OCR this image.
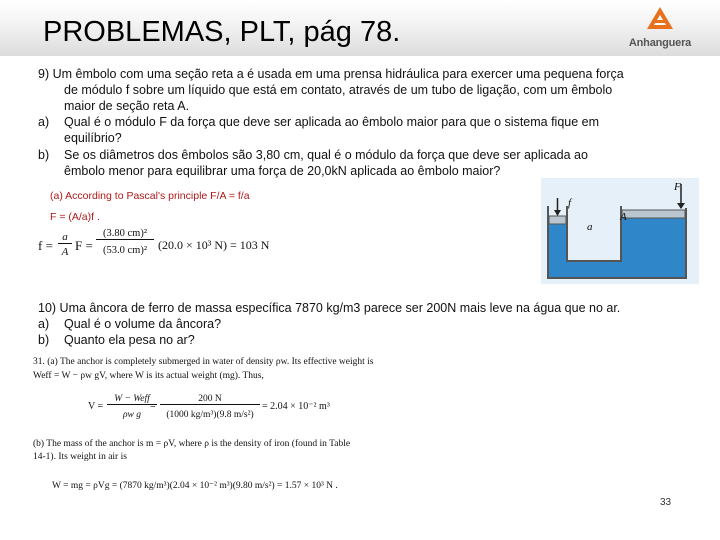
PROBLEMAS, PLT, pág 78.	Anhanguera
9) Um êmbolo com uma seção reta a é usada em uma prensa hidráulica para exercer uma pequena força
de módulo f sobre um líquido que está em contato, através de um tubo de ligação, com um êmbolo
maior de seção reta A.
a) Qual é o módulo F da força que deve ser aplicada ao êmbolo maior para que o sistema fique em
equilíbrio?
b) Se os diâmetros dos êmbolos são 3,80 cm, qual é o módulo da força que deve ser aplicada ao
êmbolo menor para equilibrar uma força de 20,0kN aplicada ao êmbolo maior?
(a) According to Pascal's principle F/A = f/a
F = (A/a)f .
f =
a
A F =
(3.80 cm)²
(53.0 cm)² (20.0 × 10³ N) = 103 N
f
F
a
A
10) Uma âncora de ferro de massa específica 7870 kg/m3 parece ser 200N mais leve na água que no ar.
a) Qual é o volume da âncora?
b) Quanto ela pesa no ar?
31. (a) The anchor is completely submerged in water of density ρw. Its effective weight is
Weff = W − ρw gV, where W is its actual weight (mg). Thus,
V =
W − Weff
ρw g
=
200 N
(1000 kg/m³)(9.8 m/s²)
= 2.04 × 10⁻² m³
(b) The mass of the anchor is m = ρV, where ρ is the density of iron (found in Table
14-1). Its weight in air is
W = mg = ρVg = (7870 kg/m³)(2.04 × 10⁻² m³)(9.80 m/s²) = 1.57 × 10³ N .
33
